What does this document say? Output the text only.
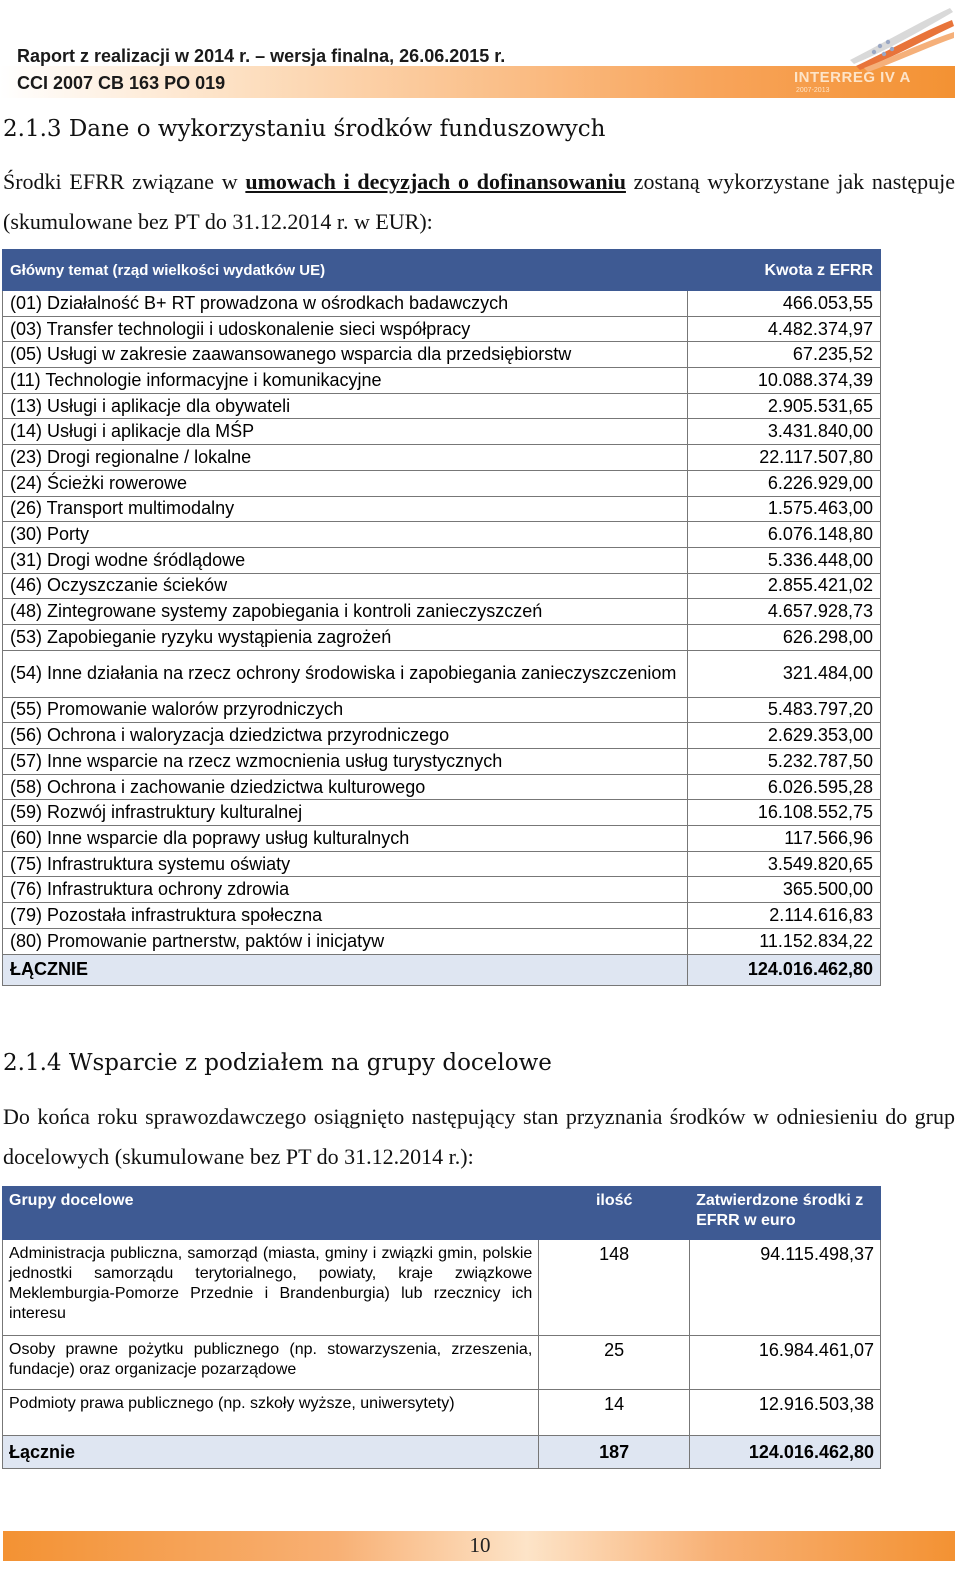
Raport z realizacji w 2014 r. – wersja finalna, 26.06.2015 r.
CCI 2007 CB 163 PO 019	INTERREG IV A
2007-2013
2.1.3 Dane o wykorzystaniu środków funduszowych
Środki EFRR związane w umowach i decyzjach o dofinansowaniu zostaną wykorzystane jak następuje (skumulowane bez PT do 31.12.2014 r. w EUR):
Główny temat (rząd wielkości wydatków UE)	Kwota z EFRR
(01) Działalność B+ RT prowadzona w ośrodkach badawczych	466.053,55
(03) Transfer technologii i udoskonalenie sieci współpracy	4.482.374,97
(05) Usługi w zakresie zaawansowanego wsparcia dla przedsiębiorstw	67.235,52
(11) Technologie informacyjne i komunikacyjne	10.088.374,39
(13) Usługi i aplikacje dla obywateli	2.905.531,65
(14) Usługi i aplikacje dla MŚP	3.431.840,00
(23) Drogi regionalne / lokalne	22.117.507,80
(24) Ścieżki rowerowe	6.226.929,00
(26) Transport multimodalny	1.575.463,00
(30) Porty	6.076.148,80
(31) Drogi wodne śródlądowe	5.336.448,00
(46) Oczyszczanie ścieków	2.855.421,02
(48) Zintegrowane systemy zapobiegania i kontroli zanieczyszczeń	4.657.928,73
(53) Zapobieganie ryzyku wystąpienia zagrożeń	626.298,00
(54) Inne działania na rzecz ochrony środowiska i zapobiegania zanieczyszczeniom	321.484,00
(55) Promowanie walorów przyrodniczych	5.483.797,20
(56) Ochrona i waloryzacja dziedzictwa przyrodniczego	2.629.353,00
(57) Inne wsparcie na rzecz wzmocnienia usług turystycznych	5.232.787,50
(58) Ochrona i zachowanie dziedzictwa kulturowego	6.026.595,28
(59) Rozwój infrastruktury kulturalnej	16.108.552,75
(60) Inne wsparcie dla poprawy usług kulturalnych	117.566,96
(75) Infrastruktura systemu oświaty	3.549.820,65
(76) Infrastruktura ochrony zdrowia	365.500,00
(79) Pozostała infrastruktura społeczna	2.114.616,83
(80) Promowanie partnerstw, paktów i inicjatyw	11.152.834,22
ŁĄCZNIE	124.016.462,80
2.1.4 Wsparcie z podziałem na grupy docelowe
Do końca roku sprawozdawczego osiągnięto następujący stan przyznania środków w odniesieniu do grup docelowych (skumulowane bez PT do 31.12.2014 r.):
Grupy docelowe	ilość	Zatwierdzone środki z EFRR w euro
Administracja publiczna, samorząd (miasta, gminy i związki gmin, polskie jednostki samorządu terytorialnego, powiaty, kraje związkowe Meklemburgia-Pomorze Przednie i Brandenburgia) lub rzecznicy ich interesu	148	94.115.498,37
Osoby prawne pożytku publicznego (np. stowarzyszenia, zrzeszenia, fundacje) oraz organizacje pozarządowe	25	16.984.461,07
Podmioty prawa publicznego (np. szkoły wyższe, uniwersytety)	14	12.916.503,38
Łącznie	187	124.016.462,80
10
